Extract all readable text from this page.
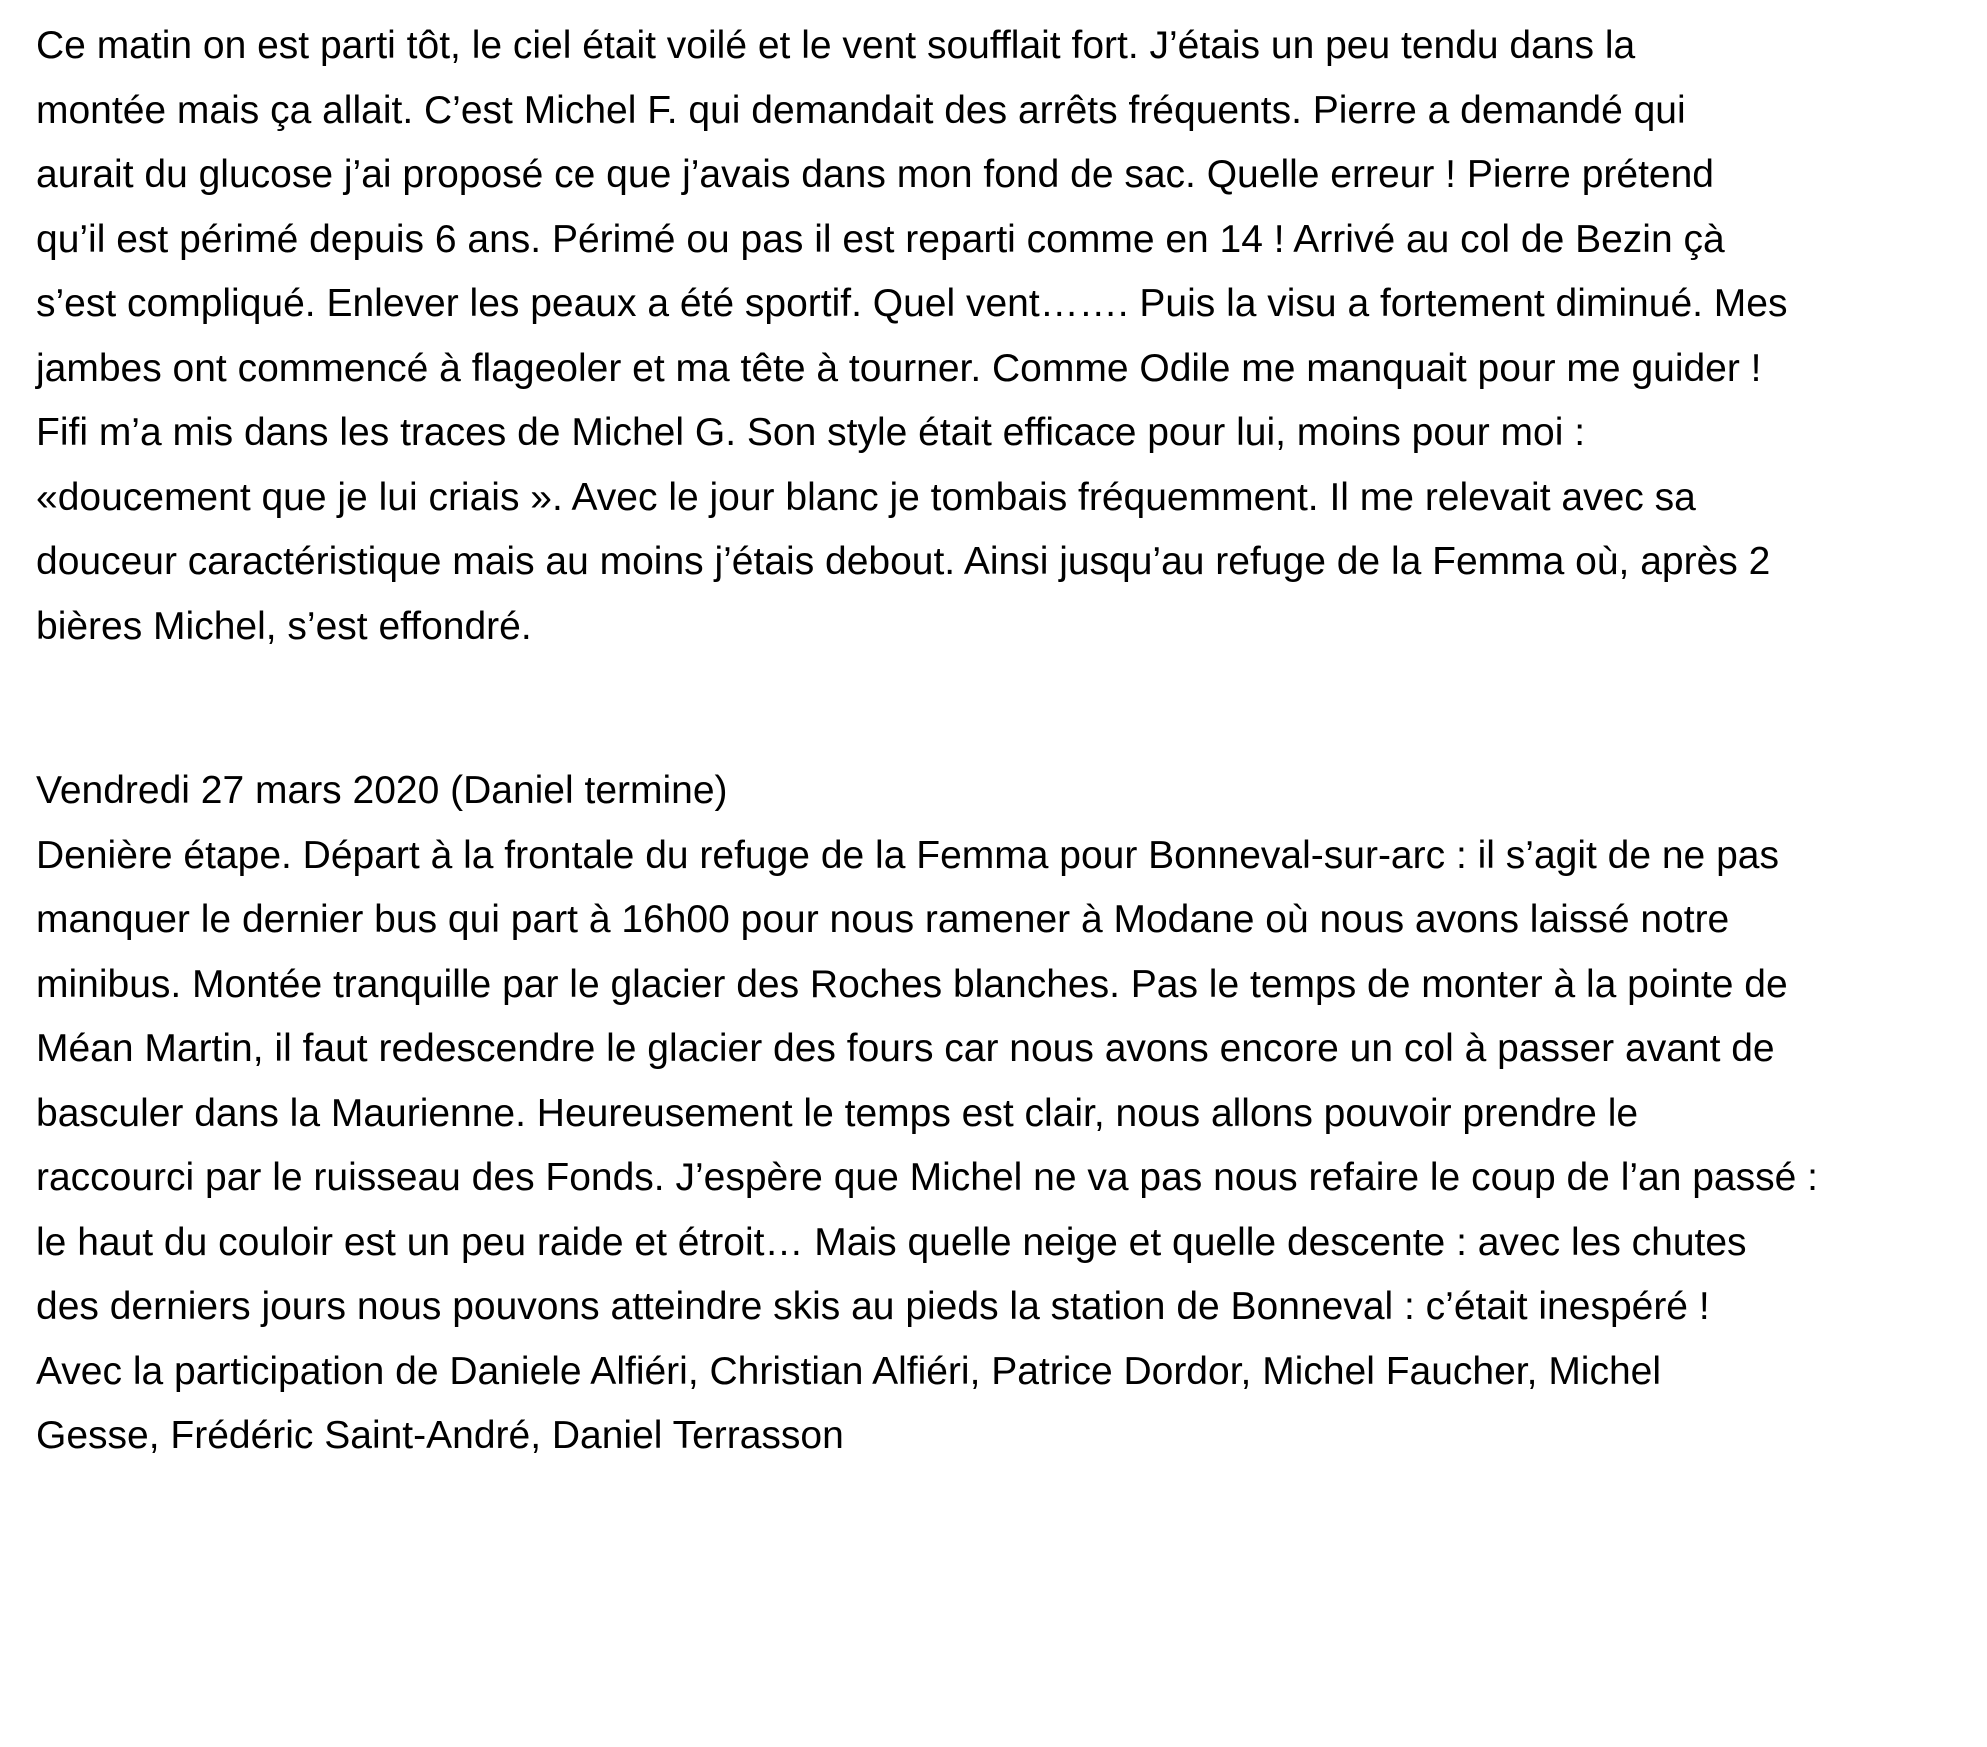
Ce matin on est parti tôt, le ciel était voilé et le vent soufflait fort. J’étais un peu tendu dans la
montée mais ça allait. C’est Michel F. qui demandait des arrêts fréquents. Pierre a demandé qui
aurait du glucose j’ai proposé ce que j’avais dans mon fond de sac. Quelle erreur ! Pierre prétend
qu’il est périmé depuis 6 ans. Périmé ou pas il est reparti comme en 14 ! Arrivé au col de Bezin çà
s’est compliqué. Enlever les peaux a été sportif. Quel vent……. Puis la visu a fortement diminué. Mes
jambes ont commencé à flageoler et ma tête à tourner. Comme Odile me manquait pour me guider !

Fifi m’a mis dans les traces de Michel G. Son style était efficace pour lui, moins pour moi :
«doucement que je lui criais ». Avec le jour blanc je tombais fréquemment. Il me relevait avec sa
douceur caractéristique mais au moins j’étais debout. Ainsi jusqu’au refuge de la Femma où, après 2
bières Michel, s’est effondré.

Vendredi 27 mars 2020 (Daniel termine)

Denière étape. Départ à la frontale du refuge de la Femma pour Bonneval-sur-arc : il s’agit de ne pas
manquer le dernier bus qui part à 16h00 pour nous ramener à Modane où nous avons laissé notre
minibus. Montée tranquille par le glacier des Roches blanches. Pas le temps de monter à la pointe de
Méan Martin, il faut redescendre le glacier des fours car nous avons encore un col à passer avant de
basculer dans la Maurienne. Heureusement le temps est clair, nous allons pouvoir prendre le
raccourci par le ruisseau des Fonds. J’espère que Michel ne va pas nous refaire le coup de l’an passé :
le haut du couloir est un peu raide et étroit… Mais quelle neige et quelle descente : avec les chutes
des derniers jours nous pouvons atteindre skis au pieds la station de Bonneval : c’était inespéré !

Avec la participation de Daniele Alfiéri, Christian Alfiéri, Patrice Dordor, Michel Faucher, Michel
Gesse, Frédéric Saint-André, Daniel Terrasson
